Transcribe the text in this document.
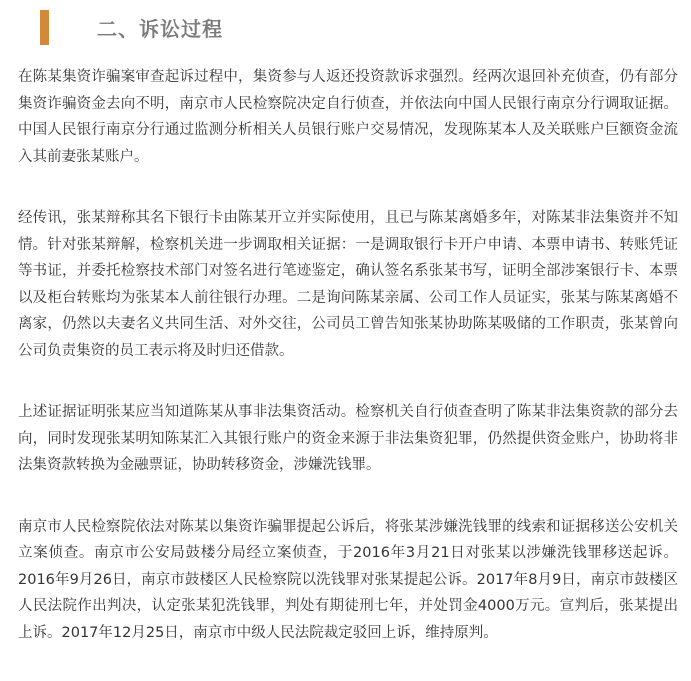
二、诉讼过程

在陈某集资诈骗案审查起诉过程中，集资参与人返还投资款诉求强烈。经两次退回补充侦查，仍有部分集资诈骗资金去向不明，南京市人民检察院决定自行侦查，并依法向中国人民银行南京分行调取证据。中国人民银行南京分行通过监测分析相关人员银行账户交易情况，发现陈某本人及关联账户巨额资金流入其前妻张某账户。

经传讯，张某辩称其名下银行卡由陈某开立并实际使用，且已与陈某离婚多年，对陈某非法集资并不知情。针对张某辩解，检察机关进一步调取相关证据：一是调取银行卡开户申请、本票申请书、转账凭证等书证，并委托检察技术部门对签名进行笔迹鉴定，确认签名系张某书写，证明全部涉案银行卡、本票以及柜台转账均为张某本人前往银行办理。二是询问陈某亲属、公司工作人员证实，张某与陈某离婚不离家，仍然以夫妻名义共同生活、对外交往，公司员工曾告知张某协助陈某吸储的工作职责，张某曾向公司负责集资的员工表示将及时归还借款。

上述证据证明张某应当知道陈某从事非法集资活动。检察机关自行侦查查明了陈某非法集资款的部分去向，同时发现张某明知陈某汇入其银行账户的资金来源于非法集资犯罪，仍然提供资金账户，协助将非法集资款转换为金融票证，协助转移资金，涉嫌洗钱罪。

南京市人民检察院依法对陈某以集资诈骗罪提起公诉后，将张某涉嫌洗钱罪的线索和证据移送公安机关立案侦查。南京市公安局鼓楼分局经立案侦查，于2016年3月21日对张某以涉嫌洗钱罪移送起诉。2016年9月26日，南京市鼓楼区人民检察院以洗钱罪对张某提起公诉。2017年8月9日，南京市鼓楼区人民法院作出判决，认定张某犯洗钱罪，判处有期徒刑七年，并处罚金4000万元。宣判后，张某提出上诉。2017年12月25日，南京市中级人民法院裁定驳回上诉，维持原判。
